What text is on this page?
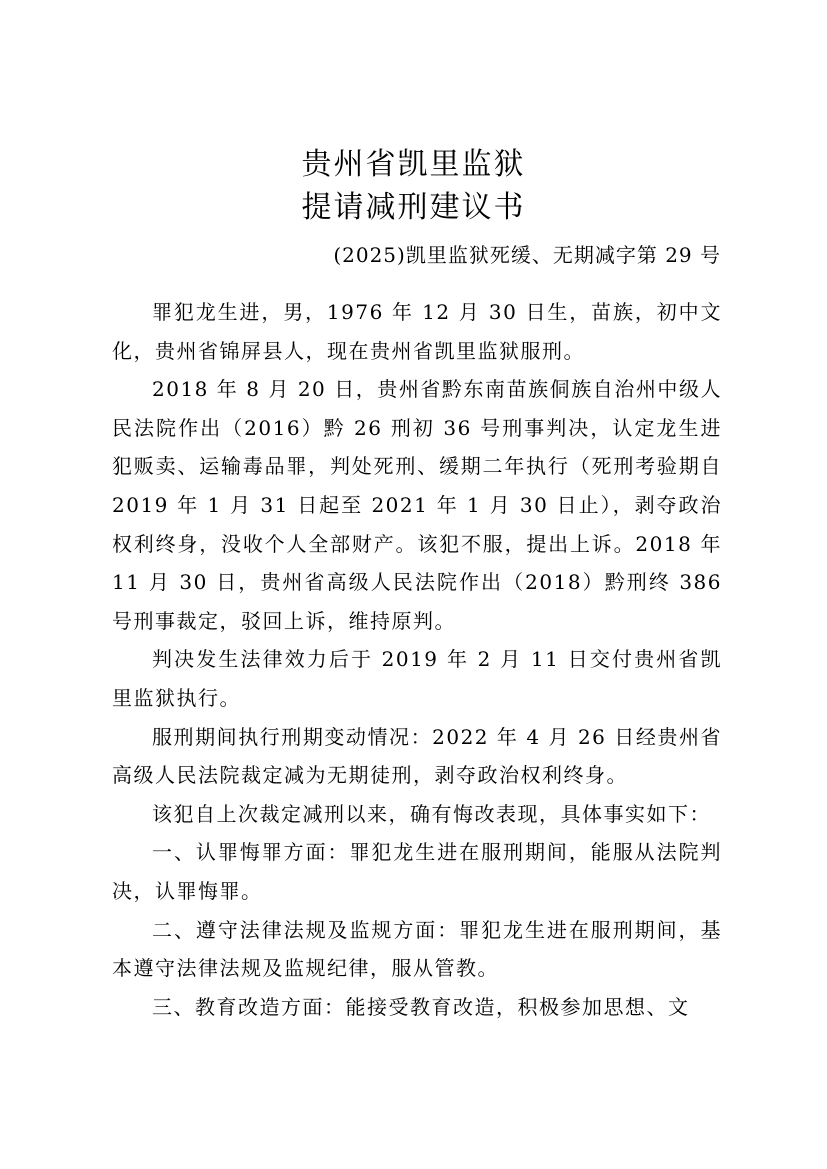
贵州省凯里监狱
提请减刑建议书
(2025)凯里监狱死缓、无期减字第 29 号

罪犯龙生进，男，1976 年 12 月 30 日生，苗族，初中文化，贵州省锦屏县人，现在贵州省凯里监狱服刑。

2018 年 8 月 20 日，贵州省黔东南苗族侗族自治州中级人民法院作出（2016）黔 26 刑初 36 号刑事判决，认定龙生进犯贩卖、运输毒品罪，判处死刑、缓期二年执行（死刑考验期自 2019 年 1 月 31 日起至 2021 年 1 月 30 日止），剥夺政治权利终身，没收个人全部财产。该犯不服，提出上诉。2018 年 11 月 30 日，贵州省高级人民法院作出（2018）黔刑终 386 号刑事裁定，驳回上诉，维持原判。

判决发生法律效力后于 2019 年 2 月 11 日交付贵州省凯里监狱执行。

服刑期间执行刑期变动情况：2022 年 4 月 26 日经贵州省高级人民法院裁定减为无期徒刑，剥夺政治权利终身。

该犯自上次裁定减刑以来，确有悔改表现，具体事实如下：

一、认罪悔罪方面：罪犯龙生进在服刑期间，能服从法院判决，认罪悔罪。

二、遵守法律法规及监规方面：罪犯龙生进在服刑期间，基本遵守法律法规及监规纪律，服从管教。

三、教育改造方面：能接受教育改造，积极参加思想、文
